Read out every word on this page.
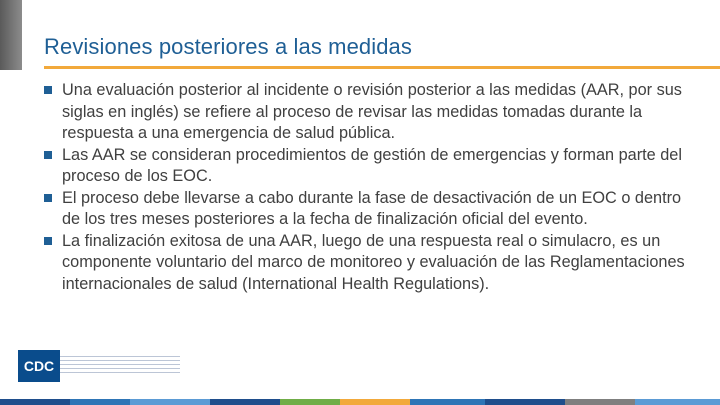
Revisiones posteriores a las medidas
Una evaluación posterior al incidente o revisión posterior a las medidas (AAR, por sus siglas en inglés) se refiere al proceso de revisar las medidas tomadas durante la respuesta a una emergencia de salud pública.
Las AAR se consideran procedimientos de gestión de emergencias y forman parte del proceso de los EOC.
El proceso debe llevarse a cabo durante la fase de desactivación de un EOC o dentro de los tres meses posteriores a la fecha de finalización oficial del evento.
La finalización exitosa de una AAR, luego de una respuesta real o simulacro, es un componente voluntario del marco de monitoreo y evaluación de las Reglamentaciones internacionales de salud (International Health Regulations).
CDC
